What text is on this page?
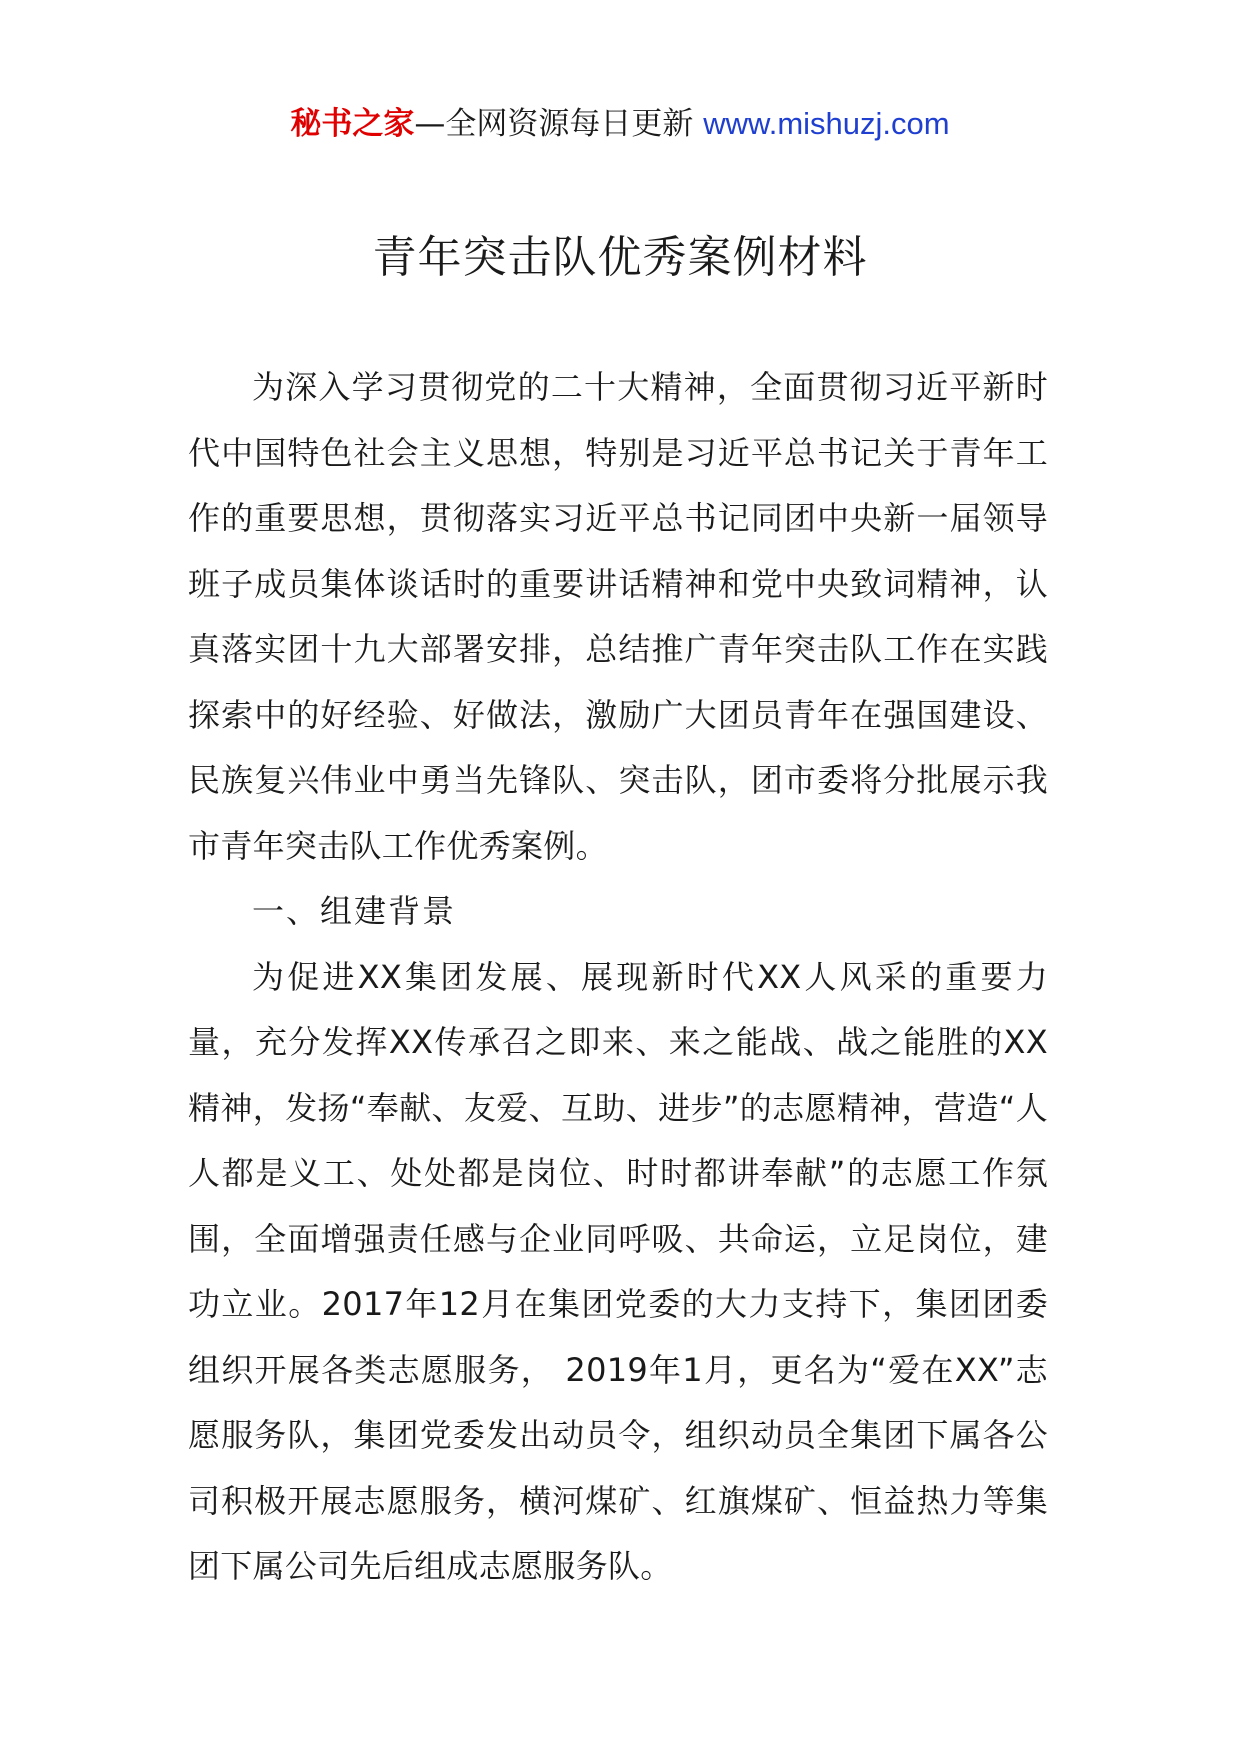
秘书之家—全网资源每日更新 www.mishuzj.com
青年突击队优秀案例材料

为深入学习贯彻党的二十大精神，全面贯彻习近平新时代中国特色社会主义思想，特别是习近平总书记关于青年工作的重要思想，贯彻落实习近平总书记同团中央新一届领导班子成员集体谈话时的重要讲话精神和党中央致词精神，认真落实团十九大部署安排，总结推广青年突击队工作在实践探索中的好经验、好做法，激励广大团员青年在强国建设、民族复兴伟业中勇当先锋队、突击队，团市委将分批展示我市青年突击队工作优秀案例。

一、组建背景

为促进XX集团发展、展现新时代XX人风采的重要力量，充分发挥XX传承召之即来、来之能战、战之能胜的XX精神，发扬“奉献、友爱、互助、进步”的志愿精神，营造“人人都是义工、处处都是岗位、时时都讲奉献”的志愿工作氛围，全面增强责任感与企业同呼吸、共命运，立足岗位，建功立业。2017年12月在集团党委的大力支持下，集团团委组织开展各类志愿服务， 2019年1月，更名为“爱在XX”志愿服务队，集团党委发出动员令，组织动员全集团下属各公司积极开展志愿服务，横河煤矿、红旗煤矿、恒益热力等集团下属公司先后组成志愿服务队。
